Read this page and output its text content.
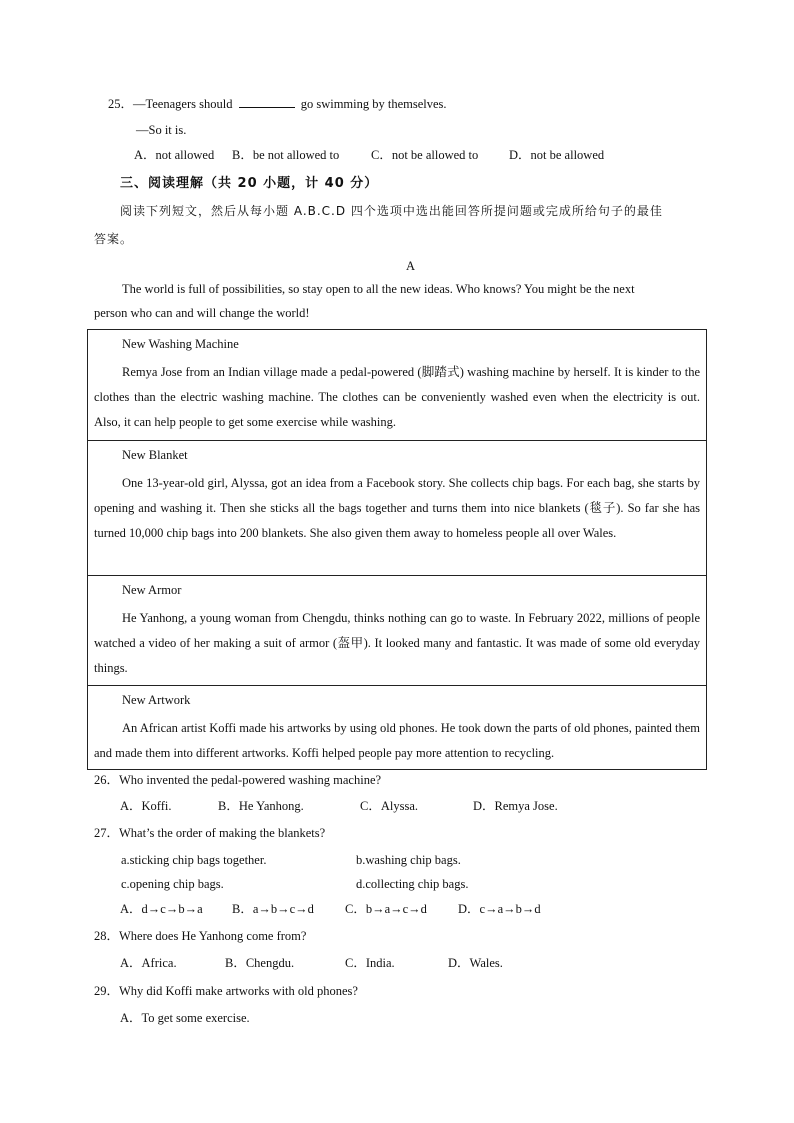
25．—Teenagers should	go swimming by themselves.
—So it is.
A．not allowed B．be not allowed to	C．not be allowed to D．not be allowed
三、阅读理解（共 20 小题，计 40 分）
阅读下列短文，然后从每小题 A.B.C.D 四个选项中选出能回答所提问题或完成所给句子的最佳
答案。
A
The world is full of possibilities, so stay open to all the new ideas. Who knows? You might be the next
person who can and will change the world!
New Washing Machine
Remya Jose from an Indian village made a pedal-powered (脚踏式) washing machine by herself. It is kinder to the clothes than the electric washing machine. The clothes can be conveniently washed even when the electricity is out. Also, it can help people to get some exercise while washing.
New Blanket
One 13-year-old girl, Alyssa, got an idea from a Facebook story. She collects chip bags. For each bag, she starts by opening and washing it. Then she sticks all the bags together and turns them into nice blankets (毯子). So far she has turned 10,000 chip bags into 200 blankets. She also given them away to homeless people all over Wales.
New Armor
He Yanhong, a young woman from Chengdu, thinks nothing can go to waste. In February 2022, millions of people watched a video of her making a suit of armor (盔甲). It looked many and fantastic. It was made of some old everyday things.
New Artwork
An African artist Koffi made his artworks by using old phones. He took down the parts of old phones, painted them and made them into different artworks. Koffi helped people pay more attention to recycling.
26．Who invented the pedal-powered washing machine?
A．Koffi.	B．He Yanhong.	C．Alyssa.	D．Remya Jose.
27．What’s the order of making the blankets?
a.sticking chip bags together.	b.washing chip bags.
c.opening chip bags.	d.collecting chip bags.
A．d→c→b→a B．a→b→c→d C．b→a→c→d D．c→a→b→d
28．Where does He Yanhong come from?
A．Africa.	B．Chengdu.	C．India.	D．Wales.
29．Why did Koffi make artworks with old phones?
A．To get some exercise.
